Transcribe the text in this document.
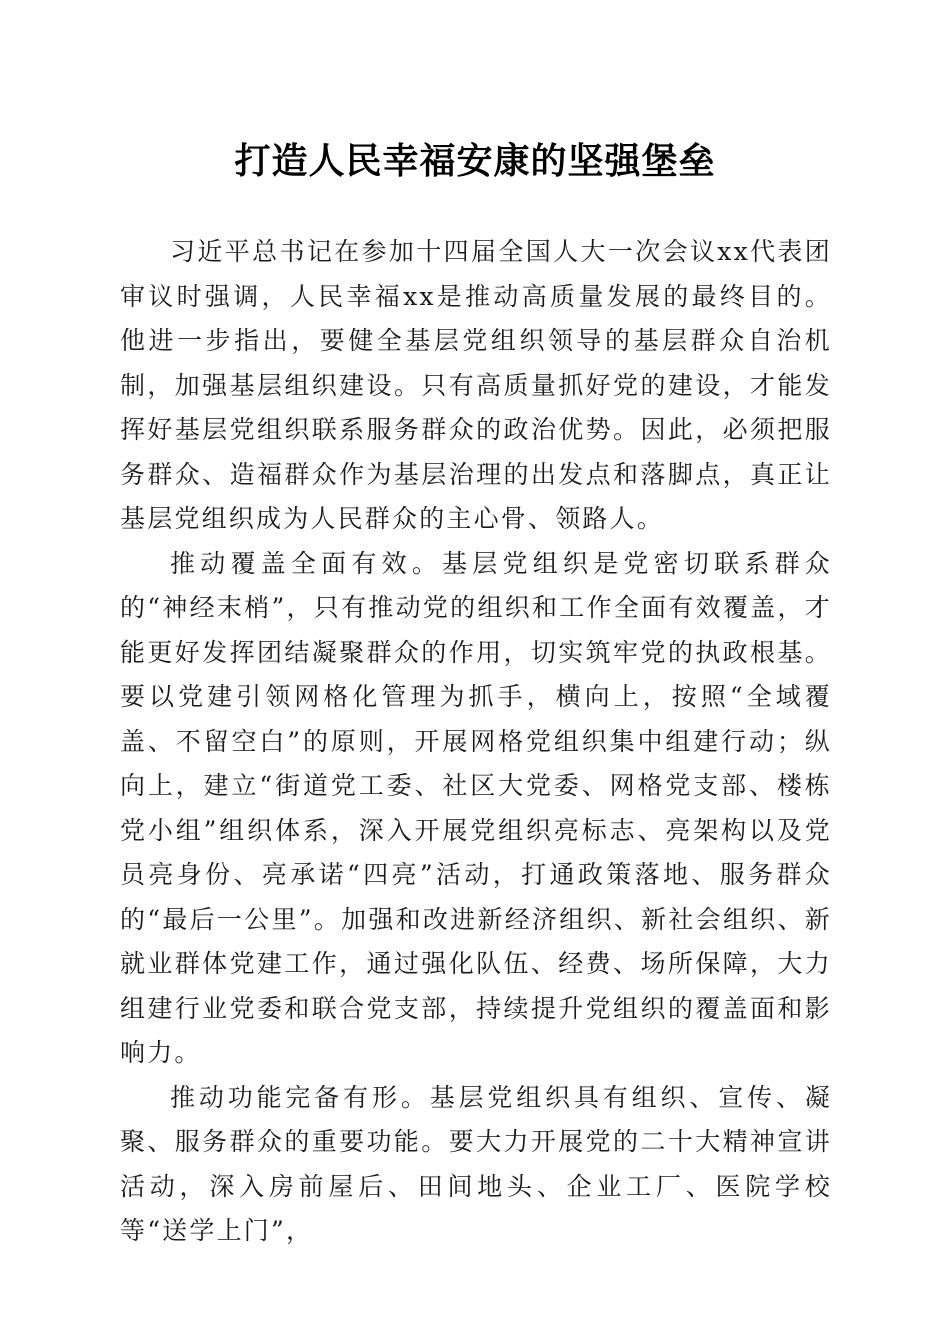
打造人民幸福安康的坚强堡垒

习近平总书记在参加十四届全国人大一次会议xx代表团审议时强调，人民幸福xx是推动高质量发展的最终目的。他进一步指出，要健全基层党组织领导的基层群众自治机制，加强基层组织建设。只有高质量抓好党的建设，才能发挥好基层党组织联系服务群众的政治优势。因此，必须把服务群众、造福群众作为基层治理的出发点和落脚点，真正让基层党组织成为人民群众的主心骨、领路人。

推动覆盖全面有效。基层党组织是党密切联系群众的“神经末梢”，只有推动党的组织和工作全面有效覆盖，才能更好发挥团结凝聚群众的作用，切实筑牢党的执政根基。要以党建引领网格化管理为抓手，横向上，按照“全域覆盖、不留空白”的原则，开展网格党组织集中组建行动；纵向上，建立“街道党工委、社区大党委、网格党支部、楼栋党小组”组织体系，深入开展党组织亮标志、亮架构以及党员亮身份、亮承诺“四亮”活动，打通政策落地、服务群众的“最后一公里”。加强和改进新经济组织、新社会组织、新就业群体党建工作，通过强化队伍、经费、场所保障，大力组建行业党委和联合党支部，持续提升党组织的覆盖面和影响力。

推动功能完备有形。基层党组织具有组织、宣传、凝聚、服务群众的重要功能。要大力开展党的二十大精神宣讲活动，深入房前屋后、田间地头、企业工厂、医院学校等“送学上门”，
